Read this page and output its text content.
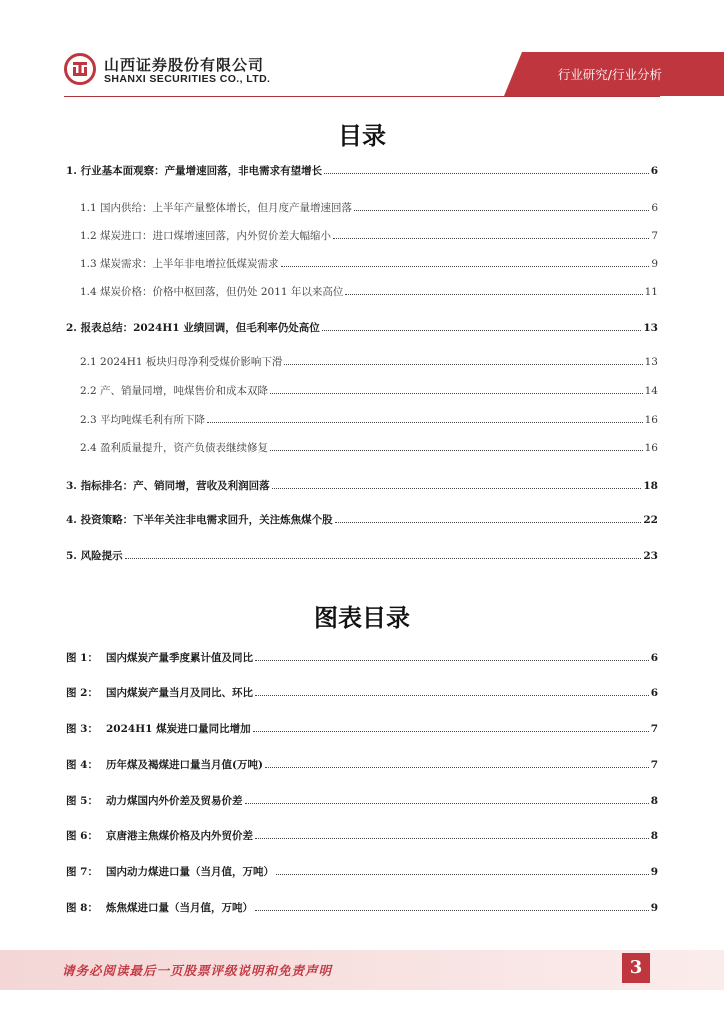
山西证券股份有限公司
SHANXI SECURITIES CO., LTD.	行业研究/行业分析
目录
1. 行业基本面观察：产量增速回落，非电需求有望增长	6
1.1 国内供给：上半年产量整体增长，但月度产量增速回落	6
1.2 煤炭进口：进口煤增速回落，内外贸价差大幅缩小	7
1.3 煤炭需求：上半年非电增拉低煤炭需求	9
1.4 煤炭价格：价格中枢回落，但仍处 2011 年以来高位	11
2. 报表总结：2024H1 业绩回调，但毛利率仍处高位	13
2.1 2024H1 板块归母净利受煤价影响下滑	13
2.2 产、销量同增，吨煤售价和成本双降	14
2.3 平均吨煤毛利有所下降	16
2.4 盈利质量提升，资产负债表继续修复	16
3. 指标排名：产、销同增，营收及利润回落	18
4. 投资策略：下半年关注非电需求回升，关注炼焦煤个股	22
5. 风险提示	23
图表目录
图 1： 国内煤炭产量季度累计值及同比	6
图 2： 国内煤炭产量当月及同比、环比	6
图 3： 2024H1 煤炭进口量同比增加	7
图 4： 历年煤及褐煤进口量当月值(万吨)	7
图 5： 动力煤国内外价差及贸易价差	8
图 6： 京唐港主焦煤价格及内外贸价差	8
图 7： 国内动力煤进口量（当月值，万吨）	9
图 8： 炼焦煤进口量（当月值，万吨）	9
请务必阅读最后一页股票评级说明和免责声明	3
